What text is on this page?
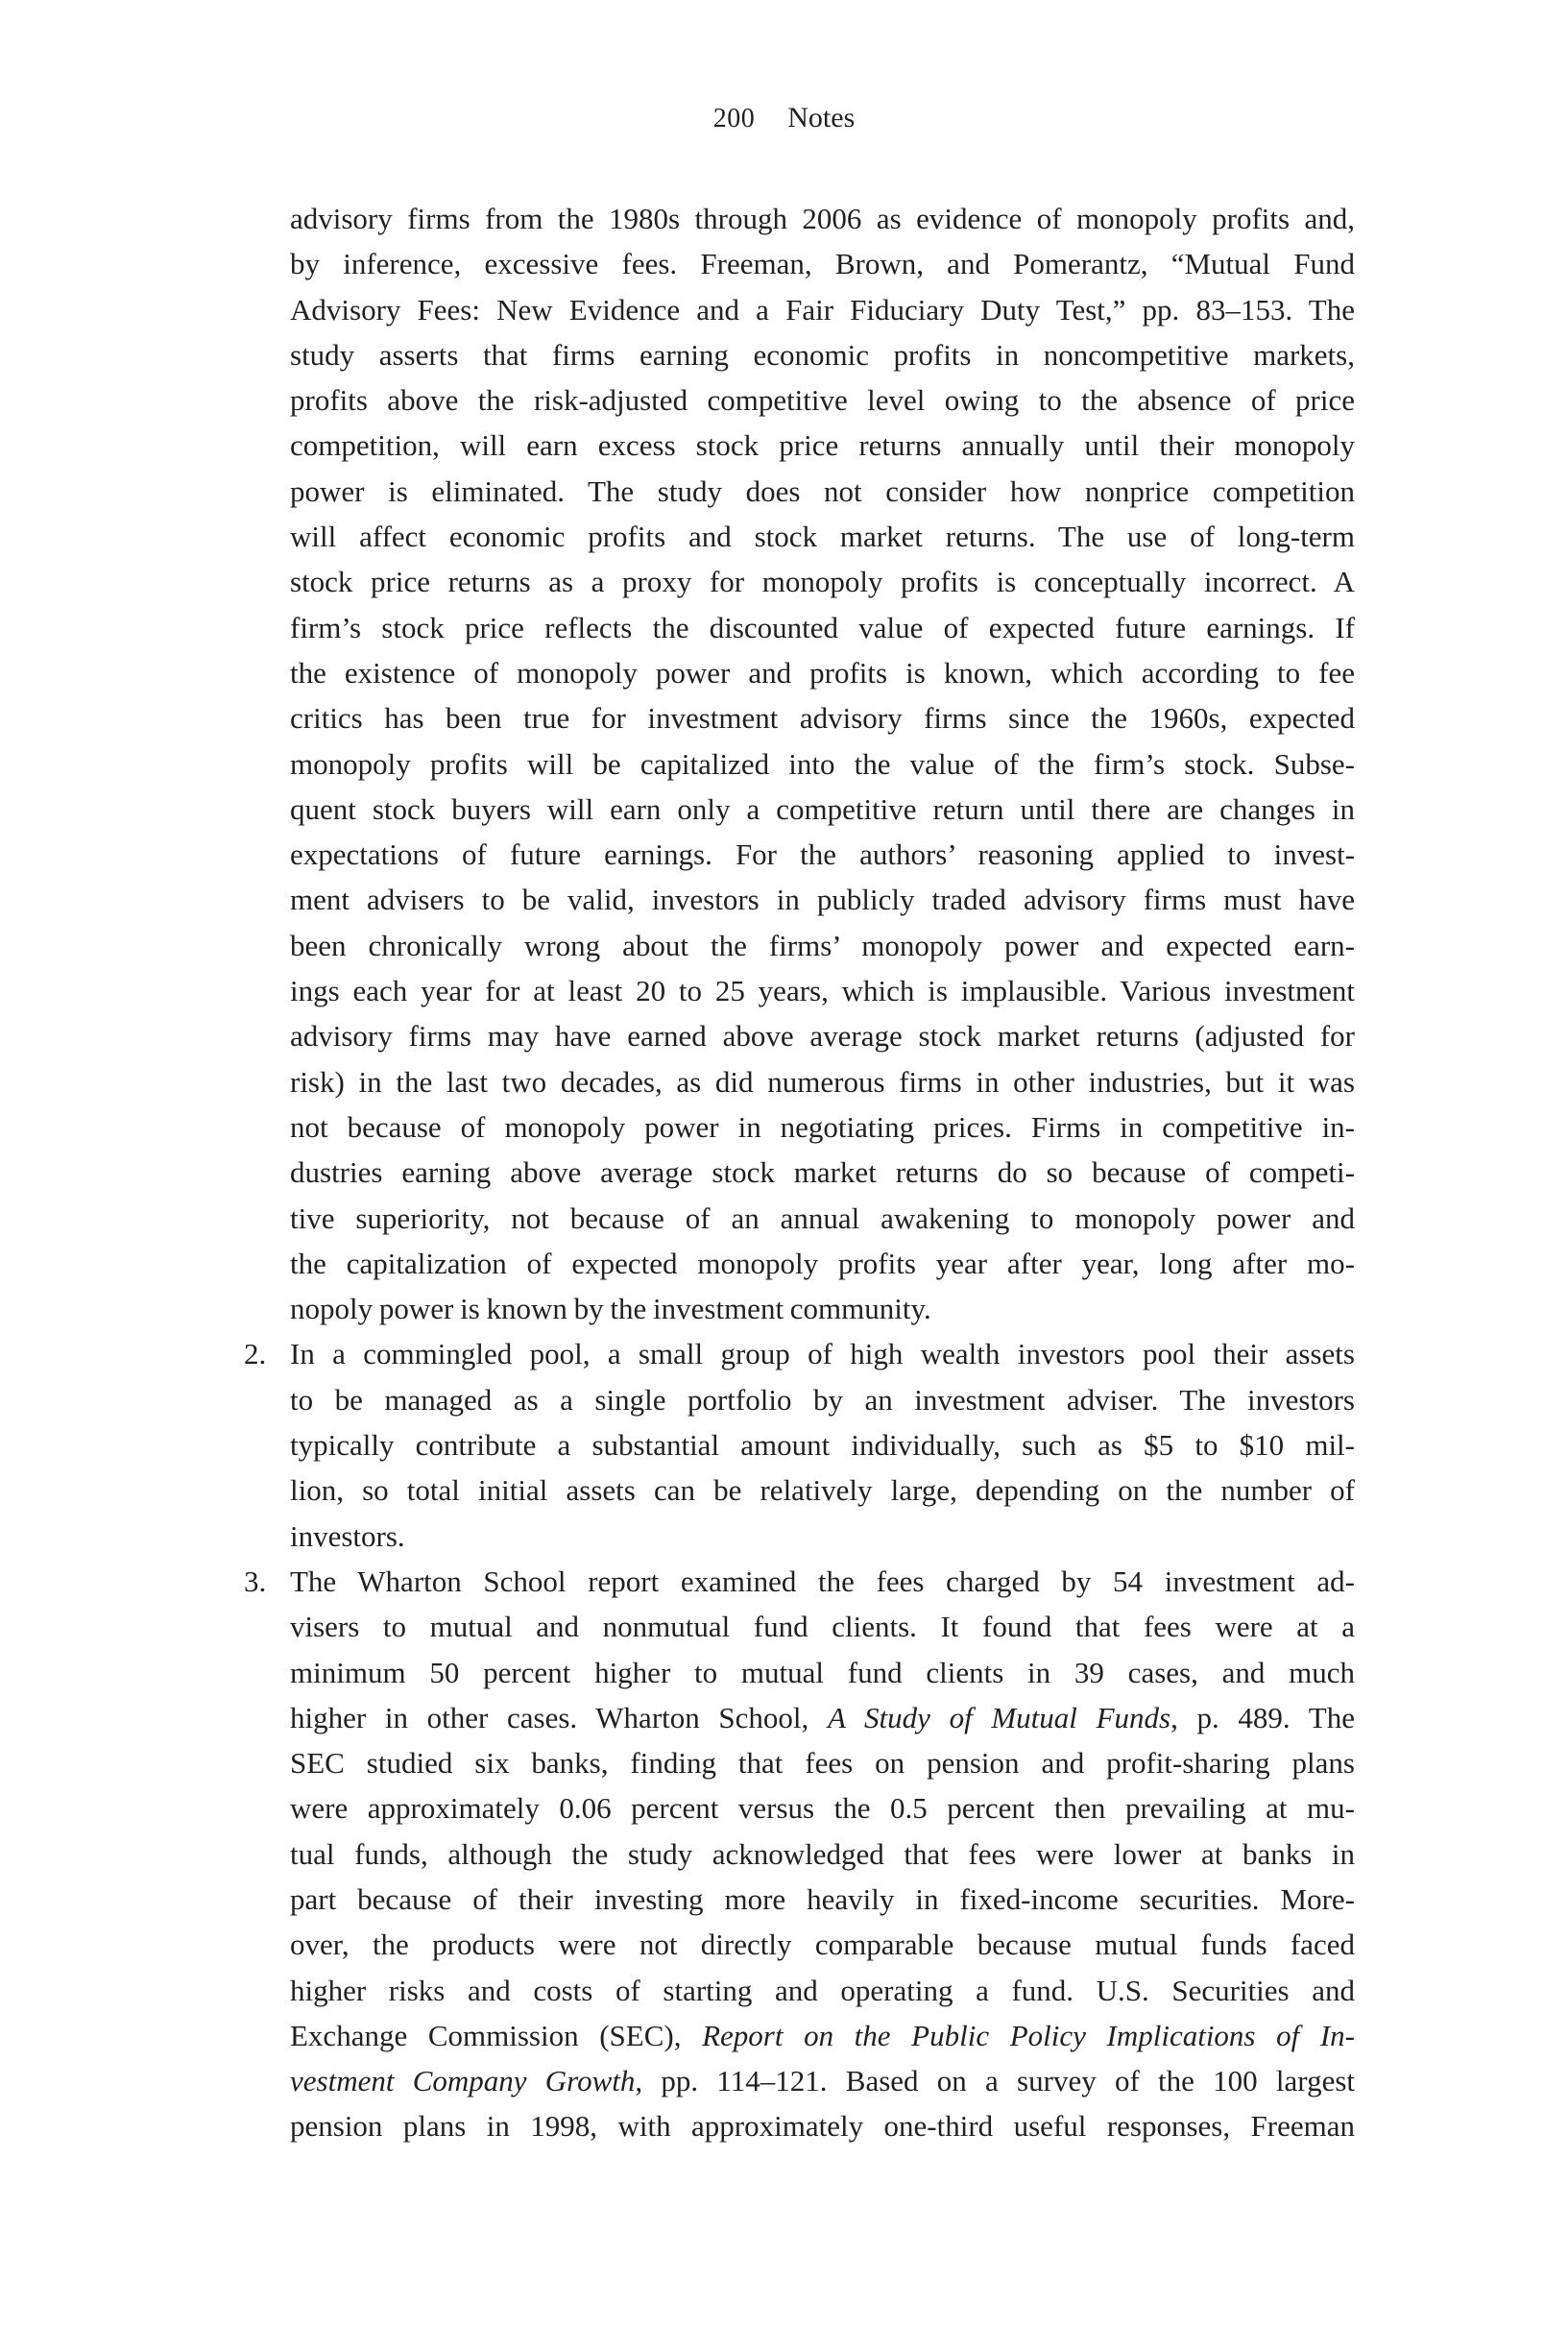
200 Notes
advisory firms from the 1980s through 2006 as evidence of monopoly profits and,
by inference, excessive fees. Freeman, Brown, and Pomerantz, “Mutual Fund
Advisory Fees: New Evidence and a Fair Fiduciary Duty Test,” pp. 83–153. The
study asserts that firms earning economic profits in noncompetitive markets,
profits above the risk-adjusted competitive level owing to the absence of price
competition, will earn excess stock price returns annually until their monopoly
power is eliminated. The study does not consider how nonprice competition
will affect economic profits and stock market returns. The use of long-term
stock price returns as a proxy for monopoly profits is conceptually incorrect. A
firm’s stock price reflects the discounted value of expected future earnings. If
the existence of monopoly power and profits is known, which according to fee
critics has been true for investment advisory firms since the 1960s, expected
monopoly profits will be capitalized into the value of the firm’s stock. Subse-
quent stock buyers will earn only a competitive return until there are changes in
expectations of future earnings. For the authors’ reasoning applied to invest-
ment advisers to be valid, investors in publicly traded advisory firms must have
been chronically wrong about the firms’ monopoly power and expected earn-
ings each year for at least 20 to 25 years, which is implausible. Various investment
advisory firms may have earned above average stock market returns (adjusted for
risk) in the last two decades, as did numerous firms in other industries, but it was
not because of monopoly power in negotiating prices. Firms in competitive in-
dustries earning above average stock market returns do so because of competi-
tive superiority, not because of an annual awakening to monopoly power and
the capitalization of expected monopoly profits year after year, long after mo-
nopoly power is known by the investment community.
In a commingled pool, a small group of high wealth investors pool their assets
2.
to be managed as a single portfolio by an investment adviser. The investors
typically contribute a substantial amount individually, such as $5 to $10 mil-
lion, so total initial assets can be relatively large, depending on the number of
investors.
The Wharton School report examined the fees charged by 54 investment ad-
3.
visers to mutual and nonmutual fund clients. It found that fees were at a
minimum 50 percent higher to mutual fund clients in 39 cases, and much
higher in other cases. Wharton School, A Study of Mutual Funds, p. 489. The
SEC studied six banks, finding that fees on pension and profit-sharing plans
were approximately 0.06 percent versus the 0.5 percent then prevailing at mu-
tual funds, although the study acknowledged that fees were lower at banks in
part because of their investing more heavily in fixed-income securities. More-
over, the products were not directly comparable because mutual funds faced
higher risks and costs of starting and operating a fund. U.S. Securities and
Exchange Commission (SEC), Report on the Public Policy Implications of In-
vestment Company Growth, pp. 114–121. Based on a survey of the 100 largest
pension plans in 1998, with approximately one-third useful responses, Freeman
